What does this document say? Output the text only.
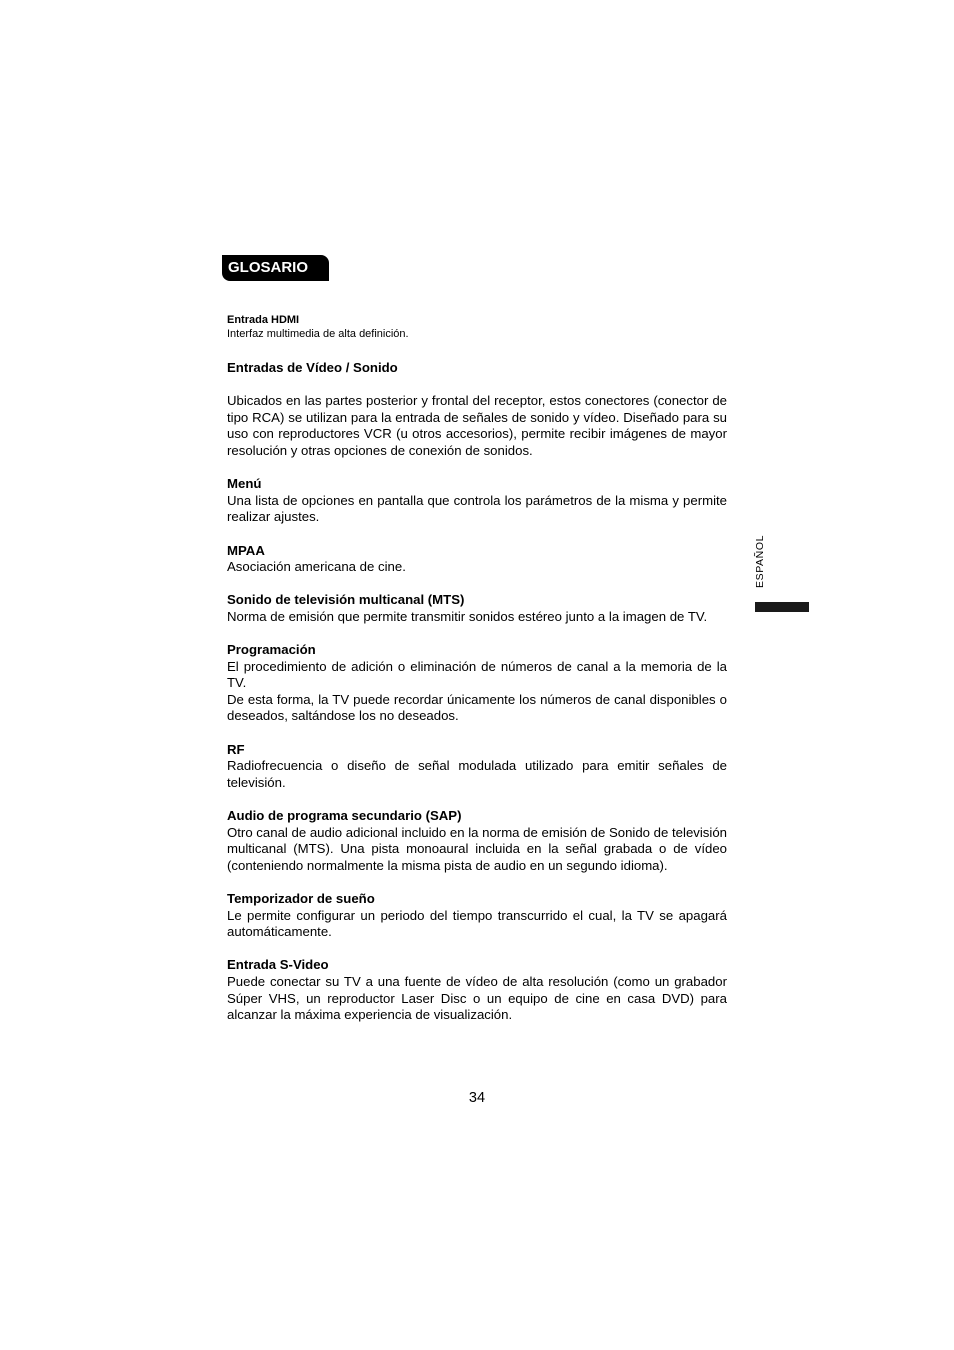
GLOSARIO
Entrada HDMI
Interfaz multimedia de alta definición.
Entradas de Vídeo / Sonido
Ubicados en las partes posterior y frontal del receptor, estos conectores (conector de tipo RCA) se utilizan para la entrada de señales de sonido y vídeo. Diseñado para su uso con reproductores VCR (u otros accesorios), permite recibir imágenes de mayor resolución y otras opciones de conexión de sonidos.
Menú
Una lista de opciones en pantalla que controla los parámetros de la misma y permite realizar ajustes.
MPAA
Asociación americana de cine.
Sonido de televisión multicanal (MTS)
Norma de emisión que permite transmitir sonidos estéreo junto a la imagen de TV.
Programación
El procedimiento de adición o eliminación de números de canal a la memoria de la TV.
De esta forma, la TV puede recordar únicamente los números de canal disponibles o deseados, saltándose los no deseados.
RF
Radiofrecuencia o diseño de señal modulada utilizado para emitir señales de televisión.
Audio de programa secundario (SAP)
Otro canal de audio adicional incluido en la norma de emisión de Sonido de televisión multicanal (MTS). Una pista monoaural incluida en la señal grabada o de vídeo (conteniendo normalmente la misma pista de audio en un segundo idioma).
Temporizador de sueño
Le permite configurar un periodo del tiempo transcurrido el cual, la TV se apagará automáticamente.
Entrada S-Video
Puede conectar su TV a una fuente de vídeo de alta resolución (como un grabador Súper VHS, un reproductor Laser Disc o un equipo de cine en casa DVD) para alcanzar la máxima experiencia de visualización.
ESPAÑOL
34
